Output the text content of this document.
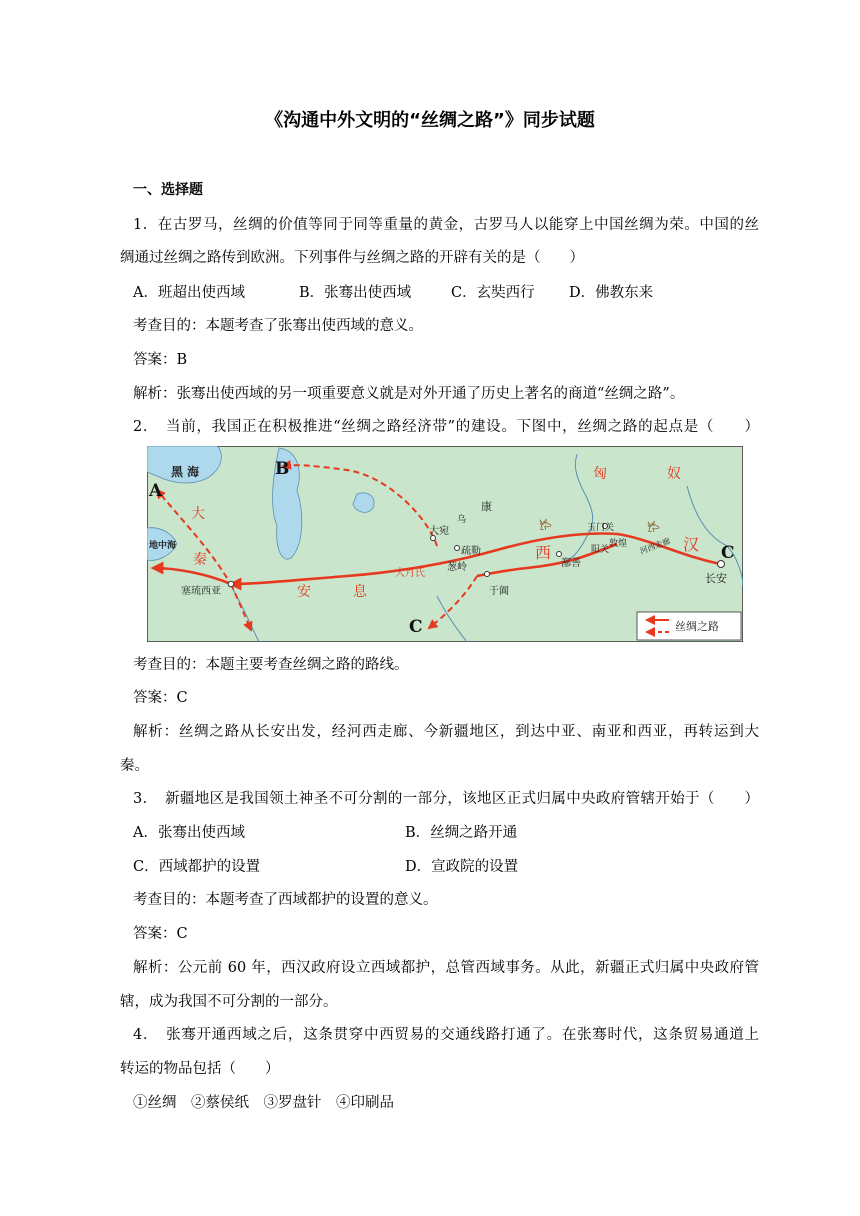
《沟通中外文明的“丝绸之路”》同步试题
一、选择题
1．在古罗马，丝绸的价值等同于同等重量的黄金，古罗马人以能穿上中国丝绸为荣。中国的丝
绸通过丝绸之路传到欧洲。下列事件与丝绸之路的开辟有关的是（　　）
A．班超出使西域	B．张骞出使西域	C．玄奘西行 D．佛教东来
考查目的：本题考查了张骞出使西域的意义。
答案：B
解析：张骞出使西域的另一项重要意义就是对外开通了历史上著名的商道“丝绸之路”。
2．　当前，我国正在积极推进“丝绸之路经济带”的建设。下图中，丝绸之路的起点是（　　）
𐂂	𐂂
黑 海
地中海
大
秦
塞琉西亚	安	息
匈	奴
汉
长安
西
大宛
乌
康
疏勒
葱岭
大月氏
于阗
鄯善
玉门关
阳关
敦煌 河西走廊
A
B
C
C
丝绸之路
考查目的：本题主要考查丝绸之路的路线。
答案：C
解析：丝绸之路从长安出发，经河西走廊、今新疆地区，到达中亚、南亚和西亚，再转运到大
秦。
3．　新疆地区是我国领土神圣不可分割的一部分，该地区正式归属中央政府管辖开始于（　　）
A．张骞出使西域	B．丝绸之路开通
C．西域都护的设置	D．宣政院的设置
考查目的：本题考查了西域都护的设置的意义。
答案：C
解析：公元前 60 年，西汉政府设立西域都护，总管西域事务。从此，新疆正式归属中央政府管
辖，成为我国不可分割的一部分。
4．　张骞开通西域之后，这条贯穿中西贸易的交通线路打通了。在张骞时代，这条贸易通道上
转运的物品包括（　　）
①丝绸　②蔡侯纸　③罗盘针　④印刷品
